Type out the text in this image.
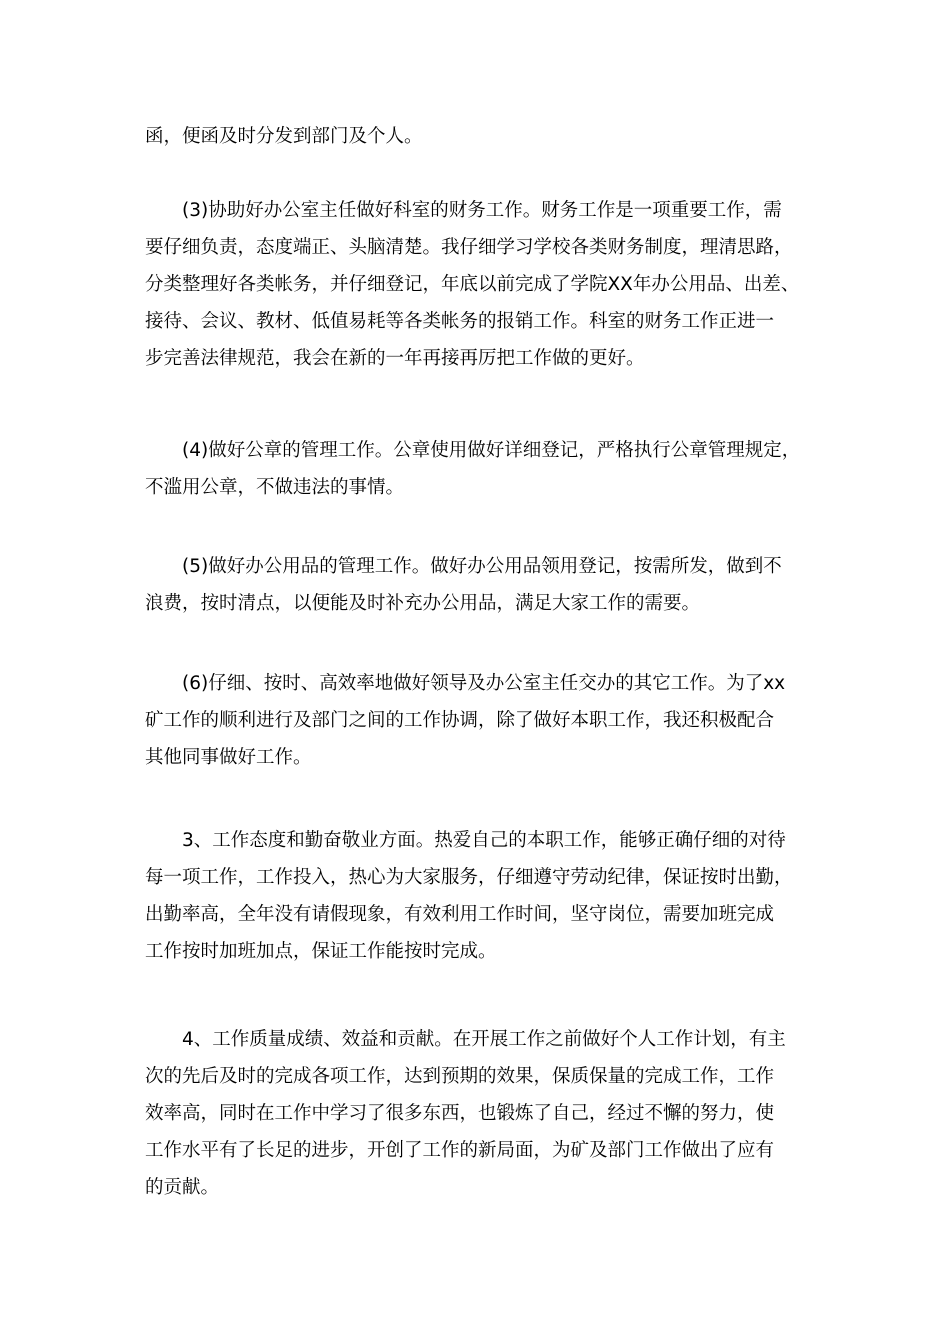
函，便函及时分发到部门及个人。
　　(3)协助好办公室主任做好科室的财务工作。财务工作是一项重要工作，需
要仔细负责，态度端正、头脑清楚。我仔细学习学校各类财务制度，理清思路，
分类整理好各类帐务，并仔细登记，年底以前完成了学院XX年办公用品、出差、
接待、会议、教材、低值易耗等各类帐务的报销工作。科室的财务工作正进一
步完善法律规范，我会在新的一年再接再厉把工作做的更好。
　　(4)做好公章的管理工作。公章使用做好详细登记，严格执行公章管理规定，
不滥用公章，不做违法的事情。
　　(5)做好办公用品的管理工作。做好办公用品领用登记，按需所发，做到不
浪费，按时清点，以便能及时补充办公用品，满足大家工作的需要。
　　(6)仔细、按时、高效率地做好领导及办公室主任交办的其它工作。为了xx
矿工作的顺利进行及部门之间的工作协调，除了做好本职工作，我还积极配合
其他同事做好工作。
　　3、工作态度和勤奋敬业方面。热爱自己的本职工作，能够正确仔细的对待
每一项工作，工作投入，热心为大家服务，仔细遵守劳动纪律，保证按时出勤，
出勤率高，全年没有请假现象，有效利用工作时间，坚守岗位，需要加班完成
工作按时加班加点，保证工作能按时完成。
　　4、工作质量成绩、效益和贡献。在开展工作之前做好个人工作计划，有主
次的先后及时的完成各项工作，达到预期的效果，保质保量的完成工作，工作
效率高，同时在工作中学习了很多东西，也锻炼了自己，经过不懈的努力，使
工作水平有了长足的进步，开创了工作的新局面，为矿及部门工作做出了应有
的贡献。
